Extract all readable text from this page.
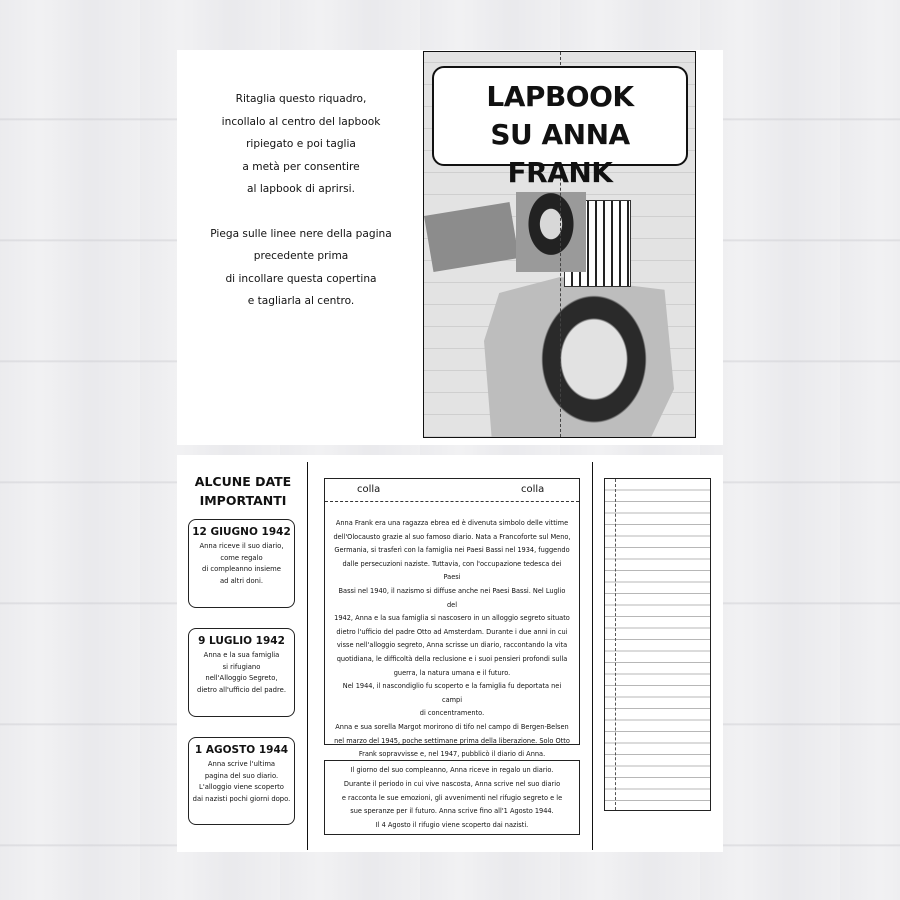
Ritaglia questo riquadro,
incollalo al centro del lapbook
ripiegato e poi taglia
a metà per consentire
al lapbook di aprirsi.
Piega sulle linee nere della pagina
precedente prima
di incollare questa copertina
e tagliarla al centro.
LAPBOOK
SU ANNA FRANK
ALCUNE DATE
IMPORTANTI
12 GIUGNO 1942
Anna riceve il suo diario,
come regalo
di compleanno insieme
ad altri doni.
9 LUGLIO 1942
Anna e la sua famiglia
si rifugiano
nell'Alloggio Segreto,
dietro all'ufficio del padre.
1 AGOSTO 1944
Anna scrive l'ultima
pagina del suo diario.
L'alloggio viene scoperto
dai nazisti pochi giorni dopo.
colla	colla
Anna Frank era una ragazza ebrea ed è divenuta simbolo delle vittime
dell'Olocausto grazie al suo famoso diario. Nata a Francoforte sul Meno,
Germania, si trasferì con la famiglia nei Paesi Bassi nel 1934, fuggendo
dalle persecuzioni naziste. Tuttavia, con l'occupazione tedesca dei Paesi
Bassi nel 1940, il nazismo si diffuse anche nei Paesi Bassi. Nel Luglio del
1942, Anna e la sua famiglia si nascosero in un alloggio segreto situato
dietro l'ufficio del padre Otto ad Amsterdam. Durante i due anni in cui
visse nell'alloggio segreto, Anna scrisse un diario, raccontando la vita
quotidiana, le difficoltà della reclusione e i suoi pensieri profondi sulla
guerra, la natura umana e il futuro.
Nel 1944, il nascondiglio fu scoperto e la famiglia fu deportata nei campi
di concentramento.
Anna e sua sorella Margot morirono di tifo nel campo di Bergen-Belsen
nel marzo del 1945, poche settimane prima della liberazione. Solo Otto
Frank sopravvisse e, nel 1947, pubblicò il diario di Anna.
Il giorno del suo compleanno, Anna riceve in regalo un diario.
Durante il periodo in cui vive nascosta, Anna scrive nel suo diario
e racconta le sue emozioni, gli avvenimenti nel rifugio segreto e le
sue speranze per il futuro. Anna scrive fino all'1 Agosto 1944.
Il 4 Agosto il rifugio viene scoperto dai nazisti.
